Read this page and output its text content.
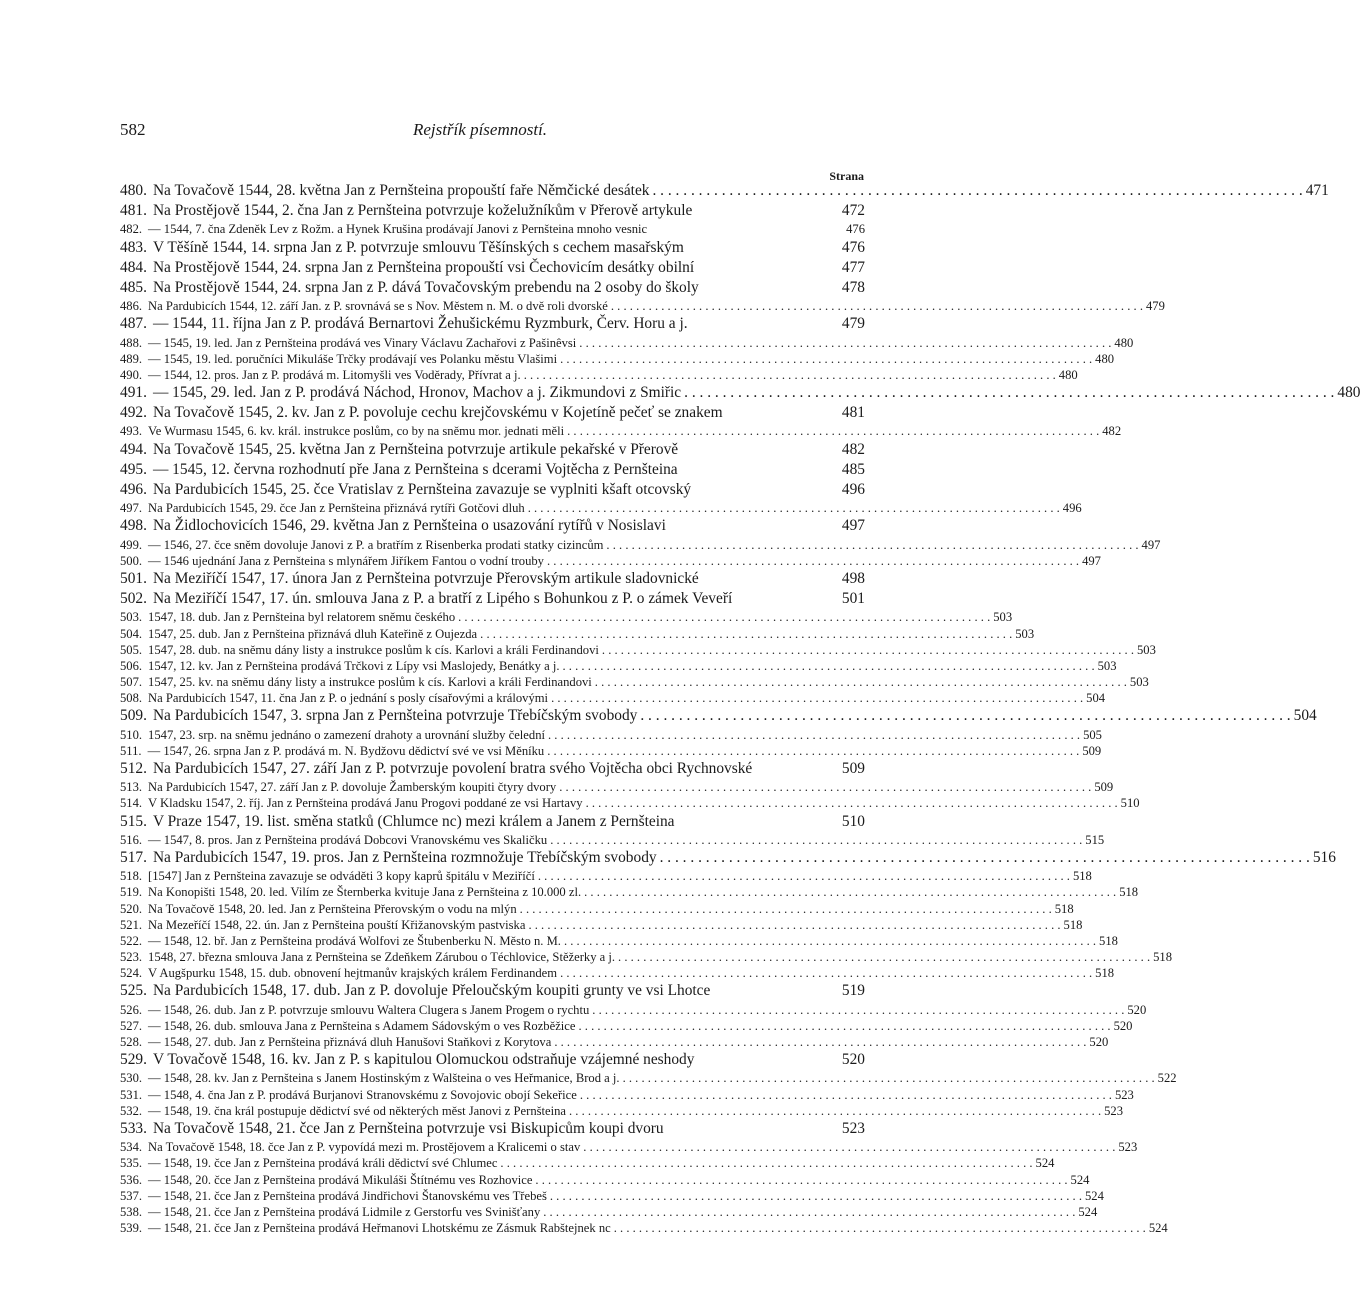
582	Rejstřík písemností.
Strana
480. Na Tovačově 1544, 28. května Jan z Pernšteina propouští faře Němčické desátek . . .	471
481. Na Prostějově 1544, 2. čna Jan z Pernšteina potvrzuje koželužníkům v Přerově artykule	472
482. — 1544, 7. čna Zdeněk Lev z Rožm. a Hynek Krušina prodávají Janovi z Pernšteina mnoho vesnic	476
483. V Těšíně 1544, 14. srpna Jan z P. potvrzuje smlouvu Těšínských s cechem masařským	476
484. Na Prostějově 1544, 24. srpna Jan z Pernšteina propouští vsi Čechovicím desátky obilní	477
485. Na Prostějově 1544, 24. srpna Jan z P. dává Tovačovským prebendu na 2 osoby do školy	478
486. Na Pardubicích 1544, 12. září Jan. z P. srovnává se s Nov. Městem n. M. o dvě roli dvorské . . .	479
487. — 1544, 11. října Jan z P. prodává Bernartovi Žehušickému Ryzmburk, Červ. Horu a j.	479
488. — 1545, 19. led. Jan z Pernšteina prodává ves Vinary Václavu Zachařovi z Pašinêvsi . . .	480
489. — 1545, 19. led. poručníci Mikuláše Trčky prodávají ves Polanku městu Vlašimi . . .	480
490. — 1544, 12. pros. Jan z P. prodává m. Litomyšli ves Voděrady, Přívrat a j. . . .	480
491. — 1545, 29. led. Jan z P. prodává Náchod, Hronov, Machov a j. Zikmundovi z Smiřic . . .	480
492. Na Tovačově 1545, 2. kv. Jan z P. povoluje cechu krejčovskému v Kojetíně pečeť se znakem	481
493. Ve Wurmasu 1545, 6. kv. král. instrukce poslům, co by na sněmu mor. jednati měli . . .	482
494. Na Tovačově 1545, 25. května Jan z Pernšteina potvrzuje artikule pekařské v Přerově	482
495. — 1545, 12. června rozhodnutí pře Jana z Pernšteina s dcerami Vojtěcha z Pernšteina	485
496. Na Pardubicích 1545, 25. čce Vratislav z Pernšteina zavazuje se vyplniti kšaft otcovský	496
497. Na Pardubicích 1545, 29. čce Jan z Pernšteina přiznává rytíři Gotčovi dluh . . .	496
498. Na Židlochovicích 1546, 29. května Jan z Pernšteina o usazování rytířů v Nosislavi	497
499. — 1546, 27. čce sněm dovoluje Janovi z P. a bratřím z Risenberka prodati statky cizincům . . .	497
500. — 1546 ujednání Jana z Pernšteina s mlynářem Jiříkem Fantou o vodní trouby . . .	497
501. Na Meziříčí 1547, 17. února Jan z Pernšteina potvrzuje Přerovským artikule sladovnické	498
502. Na Meziříčí 1547, 17. ún. smlouva Jana z P. a bratří z Lipého s Bohunkou z P. o zámek Veveří	501
503. 1547, 18. dub. Jan z Pernšteina byl relatorem sněmu českého . . .	503
504. 1547, 25. dub. Jan z Pernšteina přiznává dluh Kateřině z Oujezda . . .	503
505. 1547, 28. dub. na sněmu dány listy a instrukce poslům k cís. Karlovi a králi Ferdinandovi . . .	503
506. 1547, 12. kv. Jan z Pernšteina prodává Trčkovi z Lípy vsi Maslojedy, Benátky a j. . . .	503
507. 1547, 25. kv. na sněmu dány listy a instrukce poslům k cís. Karlovi a králi Ferdinandovi . . .	503
508. Na Pardubicích 1547, 11. čna Jan z P. o jednání s posly císařovými a královými . . .	504
509. Na Pardubicích 1547, 3. srpna Jan z Pernšteina potvrzuje Třebíčským svobody . . .	504
510. 1547, 23. srp. na sněmu jednáno o zamezení drahoty a urovnání služby čelední . . .	505
511. — 1547, 26. srpna Jan z P. prodává m. N. Bydžovu dědictví své ve vsi Měníku . . .	509
512. Na Pardubicích 1547, 27. září Jan z P. potvrzuje povolení bratra svého Vojtěcha obci Rychnovské	509
513. Na Pardubicích 1547, 27. září Jan z P. dovoluje Žamberským koupiti čtyry dvory . . .	509
514. V Kladsku 1547, 2. říj. Jan z Pernšteina prodává Janu Progovi poddané ze vsi Hartavy . . .	510
515. V Praze 1547, 19. list. směna statků (Chlumce nc) mezi králem a Janem z Pernšteina	510
516. — 1547, 8. pros. Jan z Pernšteina prodává Dobcovi Vranovskému ves Skaličku . . .	515
517. Na Pardubicích 1547, 19. pros. Jan z Pernšteina rozmnožuje Třebíčským svobody . . .	516
518. [1547] Jan z Pernšteina zavazuje se odváděti 3 kopy kaprů špitálu v Meziříčí . . .	518
519. Na Konopišti 1548, 20. led. Vilím ze Šternberka kvituje Jana z Pernšteina z 10.000 zl. . . .	518
520. Na Tovačově 1548, 20. led. Jan z Pernšteina Přerovským o vodu na mlýn . . .	518
521. Na Mezeříčí 1548, 22. ún. Jan z Pernšteina pouští Křižanovským pastviska . . .	518
522. — 1548, 12. bř. Jan z Pernšteina prodává Wolfovi ze Štubenberku N. Město n. M. . . .	518
523. 1548, 27. března smlouva Jana z Pernšteina se Zdeňkem Zárubou o Téchlovice, Stěžerky a j. . . .	518
524. V Augšpurku 1548, 15. dub. obnovení hejtmanův krajských králem Ferdinandem . . .	518
525. Na Pardubicích 1548, 17. dub. Jan z P. dovoluje Přeloučským koupiti grunty ve vsi Lhotce	519
526. — 1548, 26. dub. Jan z P. potvrzuje smlouvu Waltera Clugera s Janem Progem o rychtu . . .	520
527. — 1548, 26. dub. smlouva Jana z Pernšteina s Adamem Sádovským o ves Rozběžice . . .	520
528. — 1548, 27. dub. Jan z Pernšteina přiznává dluh Hanušovi Staňkovi z Korytova . . .	520
529. V Tovačově 1548, 16. kv. Jan z P. s kapitulou Olomuckou odstraňuje vzájemné neshody	520
530. — 1548, 28. kv. Jan z Pernšteina s Janem Hostinským z Walšteina o ves Heřmanice, Brod a j. . . .	522
531. — 1548, 4. čna Jan z P. prodává Burjanovi Stranovskému z Sovojovic obojí Sekeřice . . .	523
532. — 1548, 19. čna král postupuje dědictví své od některých měst Janovi z Pernšteina . . .	523
533. Na Tovačově 1548, 21. čce Jan z Pernšteina potvrzuje vsi Biskupicům koupi dvoru	523
534. Na Tovačově 1548, 18. čce Jan z P. vypovídá mezi m. Prostějovem a Kralicemi o stav . . .	523
535. — 1548, 19. čce Jan z Pernšteina prodává králi dědictví své Chlumec . . .	524
536. — 1548, 20. čce Jan z Pernšteina prodává Mikuláši Štítnému ves Rozhovice . . .	524
537. — 1548, 21. čce Jan z Pernšteina prodává Jindřichovi Štanovskému ves Třebeš . . .	524
538. — 1548, 21. čce Jan z Pernšteina prodává Lidmile z Gerstorfu ves Svinišťany . . .	524
539. — 1548, 21. čce Jan z Pernšteina prodává Heřmanovi Lhotskému ze Zásmuk Rabštejnek nc . . .	524
